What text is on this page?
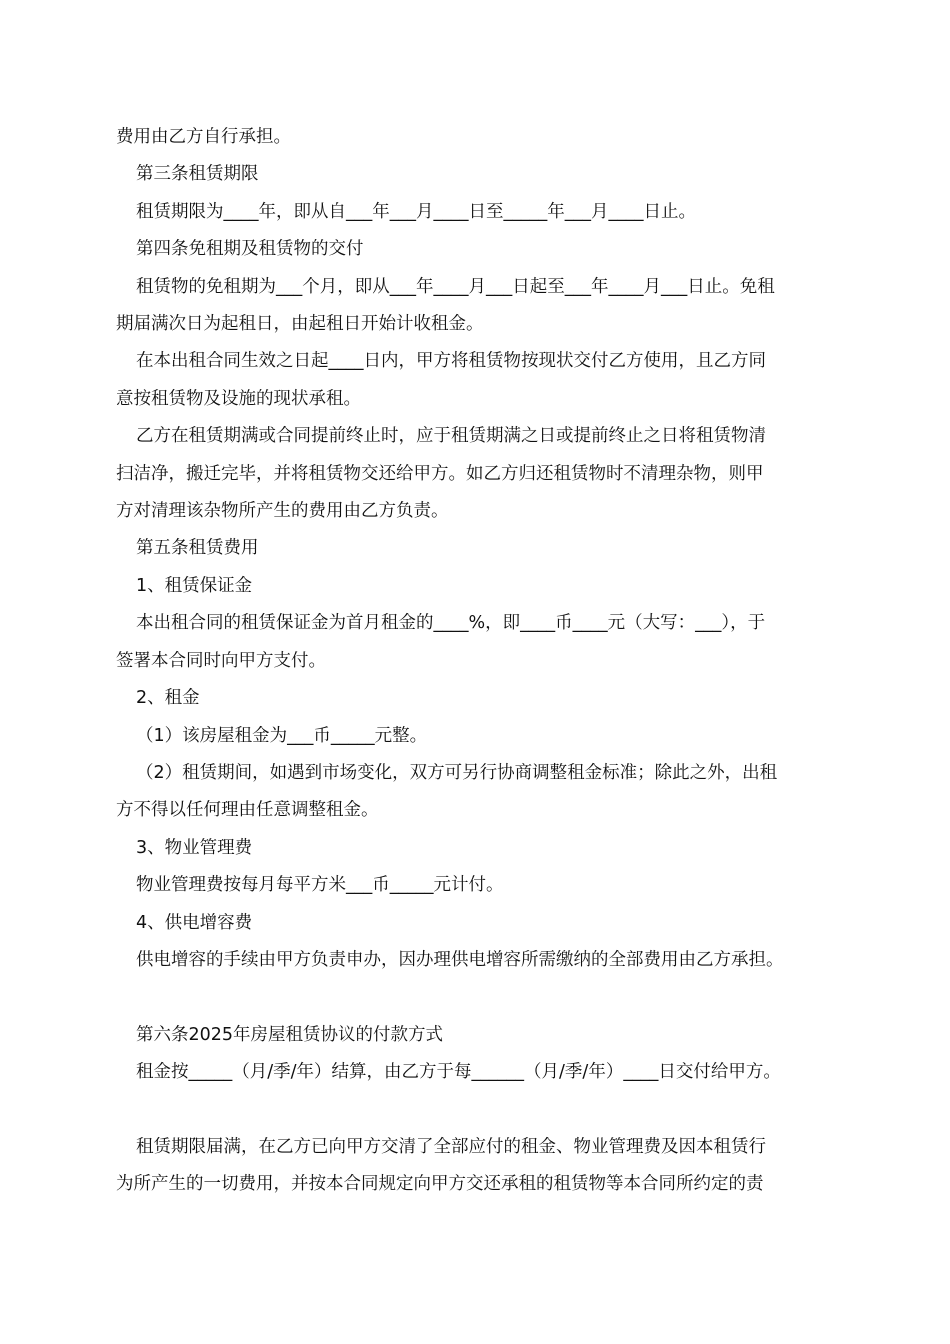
费用由乙方自行承担。

第三条租赁期限

租赁期限为____年，即从自___年___月____日至_____年___月____日止。

第四条免租期及租赁物的交付

租赁物的免租期为___个月，即从___年____月___日起至___年____月___日止。免租

期届满次日为起租日，由起租日开始计收租金。

在本出租合同生效之日起____日内，甲方将租赁物按现状交付乙方使用，且乙方同

意按租赁物及设施的现状承租。

乙方在租赁期满或合同提前终止时，应于租赁期满之日或提前终止之日将租赁物清

扫洁净，搬迁完毕，并将租赁物交还给甲方。如乙方归还租赁物时不清理杂物，则甲

方对清理该杂物所产生的费用由乙方负责。

第五条租赁费用

1、租赁保证金

本出租合同的租赁保证金为首月租金的____%，即____币____元（大写：___），于

签署本合同时向甲方支付。

2、租金

（1）该房屋租金为___币_____元整。

（2）租赁期间，如遇到市场变化，双方可另行协商调整租金标准；除此之外，出租

方不得以任何理由任意调整租金。

3、物业管理费

物业管理费按每月每平方米___币_____元计付。

4、供电增容费

供电增容的手续由甲方负责申办，因办理供电增容所需缴纳的全部费用由乙方承担。

第六条2025年房屋租赁协议的付款方式

租金按_____（月/季/年）结算，由乙方于每______（月/季/年）____日交付给甲方。

租赁期限届满，在乙方已向甲方交清了全部应付的租金、物业管理费及因本租赁行

为所产生的一切费用，并按本合同规定向甲方交还承租的租赁物等本合同所约定的责
